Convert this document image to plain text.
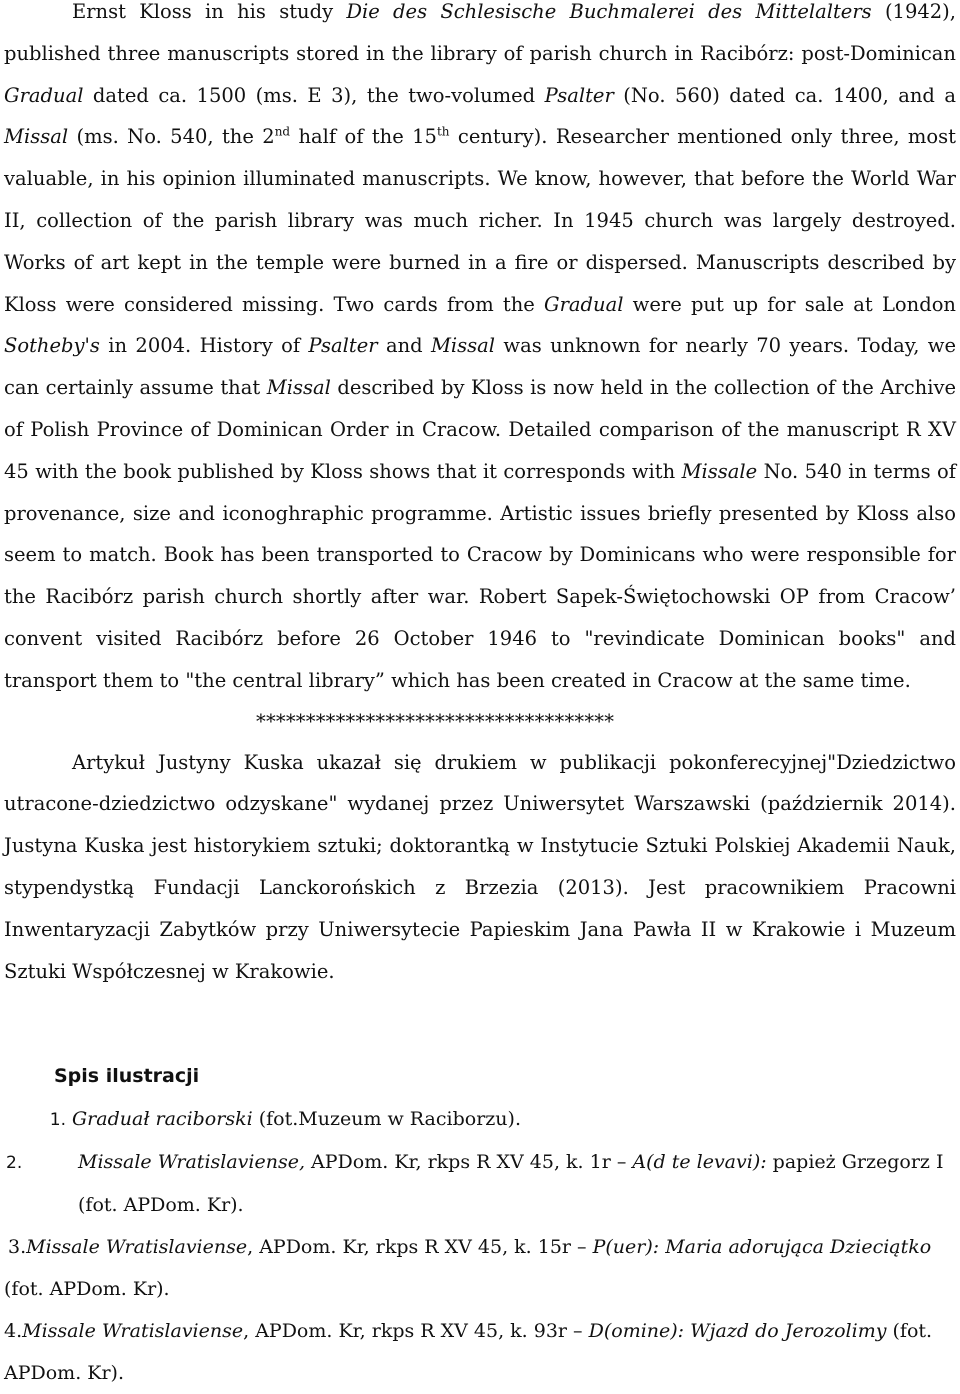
Ernst Kloss in his study Die des Schlesische Buchmalerei des Mittelalters (1942), published three manuscripts stored in the library of parish church in Racibórz: post-Dominican Gradual dated ca. 1500 (ms. E 3), the two-volumed Psalter (No. 560) dated ca. 1400, and a Missal (ms. No. 540, the 2nd half of the 15th century). Researcher mentioned only three, most valuable, in his opinion illuminated manuscripts. We know, however, that before the World War II, collection of the parish library was much richer. In 1945 church was largely destroyed. Works of art kept in the temple were burned in a fire or dispersed. Manuscripts described by Kloss were considered missing. Two cards from the Gradual were put up for sale at London Sotheby's in 2004. History of Psalter and Missal was unknown for nearly 70 years. Today, we can certainly assume that Missal described by Kloss is now held in the collection of the Archive of Polish Province of Dominican Order in Cracow. Detailed comparison of the manuscript R XV 45 with the book published by Kloss shows that it corresponds with Missale No. 540 in terms of provenance, size and iconoghraphic programme. Artistic issues briefly presented by Kloss also seem to match. Book has been transported to Cracow by Dominicans who were responsible for the Racibórz parish church shortly after war. Robert Sapek-Świętochowski OP from Cracow’ convent visited Racibórz before 26 October 1946 to "revindicate Dominican books" and transport them to "the central library” which has been created in Cracow at the same time.

************************************

Artykuł Justyny Kuska ukazał się drukiem w publikacji pokonferecyjnej"Dziedzictwo utracone-dziedzictwo odzyskane" wydanej przez Uniwersytet Warszawski (październik 2014). Justyna Kuska jest historykiem sztuki; doktorantką w Instytucie Sztuki Polskiej Akademii Nauk, stypendystką Fundacji Lanckorońskich z Brzezia (2013). Jest pracownikiem Pracowni Inwentaryzacji Zabytków przy Uniwersytecie Papieskim Jana Pawła II w Krakowie i Muzeum Sztuki Współczesnej w Krakowie.

Spis ilustracji

1. Graduał raciborski (fot.Muzeum w Raciborzu).

2.	Missale Wratislaviense, APDom. Kr, rkps R XV 45, k. 1r – A(d te levavi): papież Grzegorz I (fot. APDom. Kr).

3.Missale Wratislaviense, APDom. Kr, rkps R XV 45, k. 15r – P(uer): Maria adorująca Dzieciątko (fot. APDom. Kr).

4.Missale Wratislaviense, APDom. Kr, rkps R XV 45, k. 93r – D(omine): Wjazd do Jerozolimy (fot. APDom. Kr).
